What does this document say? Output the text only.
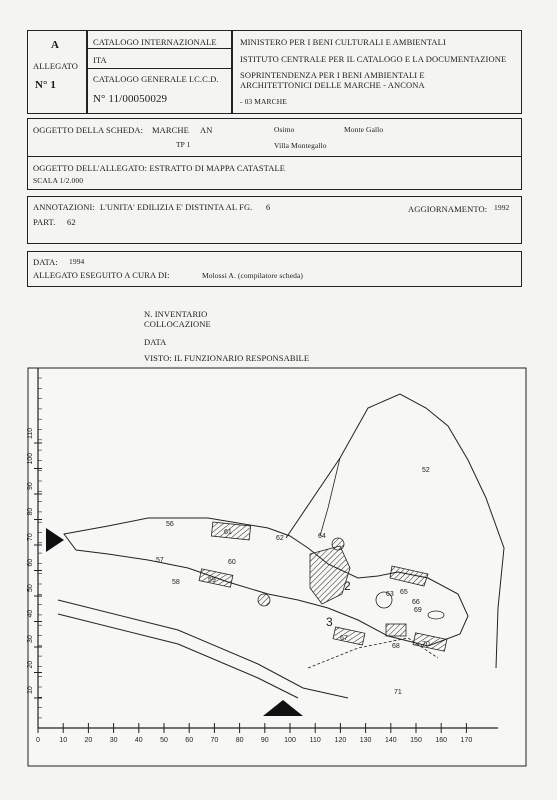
A
ALLEGATO
N° 1
CATALOGO INTERNAZIONALE
ITA
CATALOGO GENERALE I.C.C.D.
N° 11/00050029
MINISTERO PER I BENI CULTURALI E AMBIENTALI
ISTITUTO CENTRALE PER IL CATALOGO E LA DOCUMENTAZIONE
SOPRINTENDENZA PER I BENI AMBIENTALI E
ARCHITETTONICI DELLE MARCHE - ANCONA
- 03 MARCHE
OGGETTO DELLA SCHEDA: MARCHE AN	Osimo	Monte Gallo
TP 1	Villa Montegallo
OGGETTO DELL'ALLEGATO: ESTRATTO DI MAPPA CATASTALE
SCALA 1/2.000
ANNOTAZIONI: L'UNITA' EDILIZIA E' DISTINTA AL FG. 6
PART. 62
AGGIORNAMENTO: 1992
DATA: 1994
ALLEGATO ESEGUITO A CURA DI:	Molossi A. (compilatore scheda)
N. INVENTARIO
COLLOCAZIONE
DATA
VISTO: IL FUNZIONARIO RESPONSABILE
0	10 20 30 40 50 60 70 80 90 100 110 120 130 140 150 160 170
10
20
30
40
50
60
70
80
90
100
110
52
56
61
62
63
64
65
66
67
68
69
70
71
57
58	59
60
2
3
